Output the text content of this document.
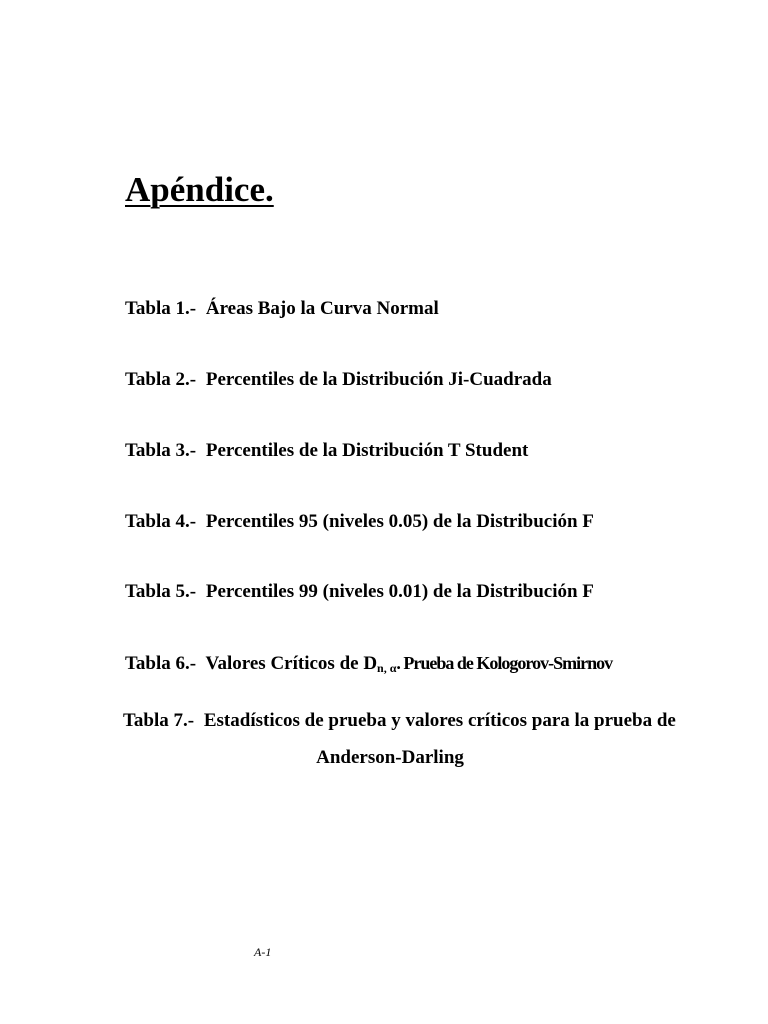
Apéndice.
Tabla 1.- Áreas Bajo la Curva Normal
Tabla 2.- Percentiles de la Distribución Ji-Cuadrada
Tabla 3.- Percentiles de la Distribución T Student
Tabla 4.- Percentiles 95 (niveles 0.05) de la Distribución F
Tabla 5.- Percentiles 99 (niveles 0.01) de la Distribución F
Tabla 6.- Valores Críticos de $D_{n, \alpha}$. Prueba de Kologorov-Smirnov
Tabla 7.- Estadísticos de prueba y valores críticos para la prueba de
Anderson-Darling
A-1
